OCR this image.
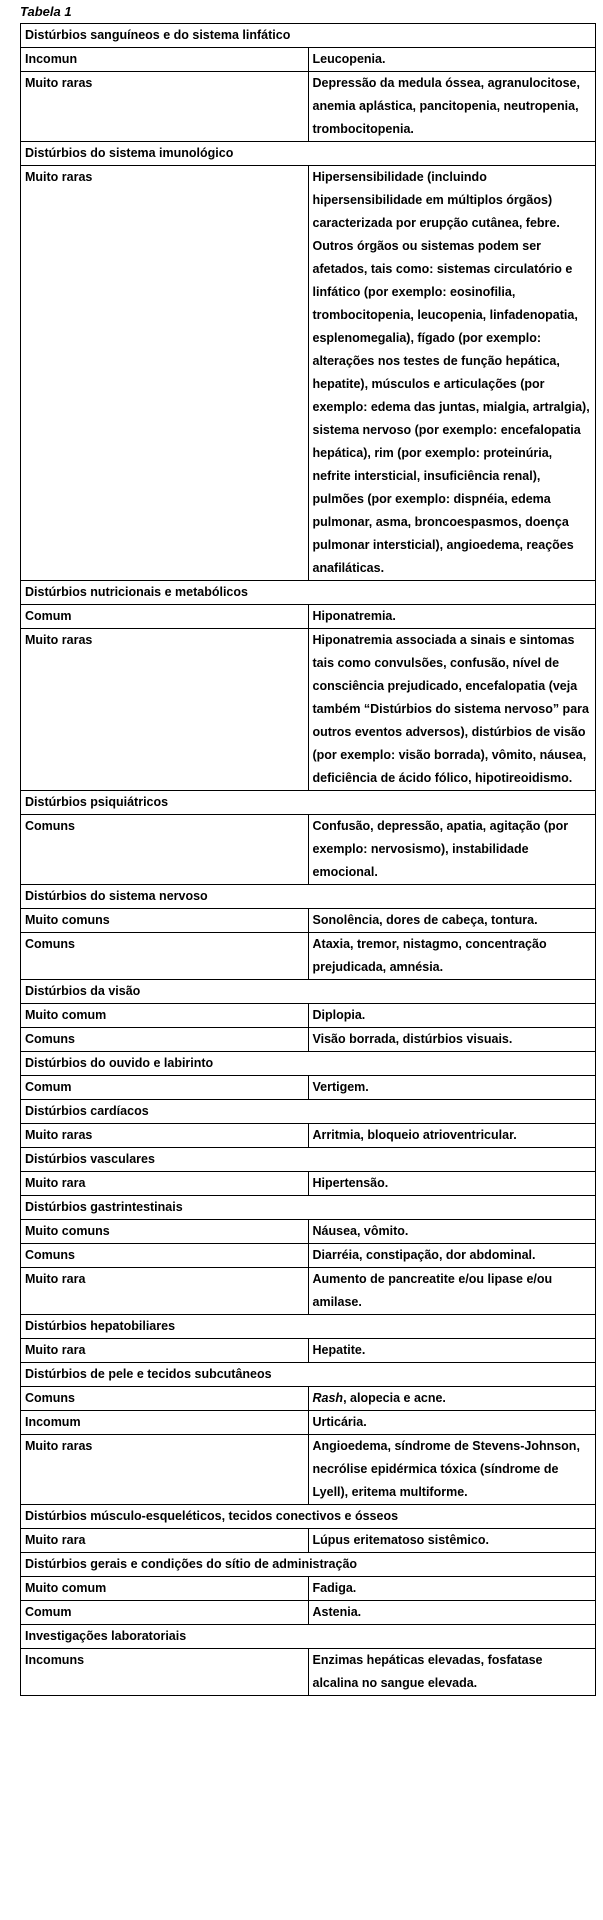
Tabela 1
Distúrbios sanguíneos e do sistema linfático	
Incomun	Leucopenia.
Muito raras	Depressão da medula óssea, agranulocitose, anemia aplástica, pancitopenia, neutropenia, trombocitopenia.
Distúrbios do sistema imunológico	
Muito raras	Hipersensibilidade (incluindo hipersensibilidade em múltiplos órgãos) caracterizada por erupção cutânea, febre. Outros órgãos ou sistemas podem ser afetados, tais como: sistemas circulatório e linfático (por exemplo: eosinofilia, trombocitopenia, leucopenia, linfadenopatia, esplenomegalia), fígado (por exemplo: alterações nos testes de função hepática, hepatite), músculos e articulações (por exemplo: edema das juntas, mialgia, artralgia), sistema nervoso (por exemplo: encefalopatia hepática), rim (por exemplo: proteinúria, nefrite intersticial, insuficiência renal), pulmões (por exemplo: dispnéia, edema pulmonar, asma, broncoespasmos, doença pulmonar intersticial), angioedema, reações anafiláticas.
Distúrbios nutricionais e metabólicos	
Comum	Hiponatremia.
Muito raras	Hiponatremia associada a sinais e sintomas tais como convulsões, confusão, nível de consciência prejudicado, encefalopatia (veja também “Distúrbios do sistema nervoso” para outros eventos adversos), distúrbios de visão (por exemplo: visão borrada), vômito, náusea, deficiência de ácido fólico, hipotireoidismo.
Distúrbios psiquiátricos	
Comuns	Confusão, depressão, apatia, agitação (por exemplo: nervosismo), instabilidade emocional.
Distúrbios do sistema nervoso	
Muito comuns	Sonolência, dores de cabeça, tontura.
Comuns	Ataxia, tremor, nistagmo, concentração prejudicada, amnésia.
Distúrbios da visão	
Muito comum	Diplopia.
Comuns	Visão borrada, distúrbios visuais.
Distúrbios do ouvido e labirinto	
Comum	Vertigem.
Distúrbios cardíacos	
Muito raras	Arritmia, bloqueio atrioventricular.
Distúrbios vasculares	
Muito rara	Hipertensão.
Distúrbios gastrintestinais	
Muito comuns	Náusea, vômito.
Comuns	Diarréia, constipação, dor abdominal.
Muito rara	Aumento de pancreatite e/ou lipase e/ou amilase.
Distúrbios hepatobiliares	
Muito rara	Hepatite.
Distúrbios de pele e tecidos subcutâneos	
Comuns	Rash, alopecia e acne.
Incomum	Urticária.
Muito raras	Angioedema, síndrome de Stevens-Johnson, necrólise epidérmica tóxica (síndrome de Lyell), eritema multiforme.
Distúrbios músculo-esqueléticos, tecidos conectivos e ósseos	
Muito rara	Lúpus eritematoso sistêmico.
Distúrbios gerais e condições do sítio de administração	
Muito comum	Fadiga.
Comum	Astenia.
Investigações laboratoriais	
Incomuns	Enzimas hepáticas elevadas, fosfatase alcalina no sangue elevada.
